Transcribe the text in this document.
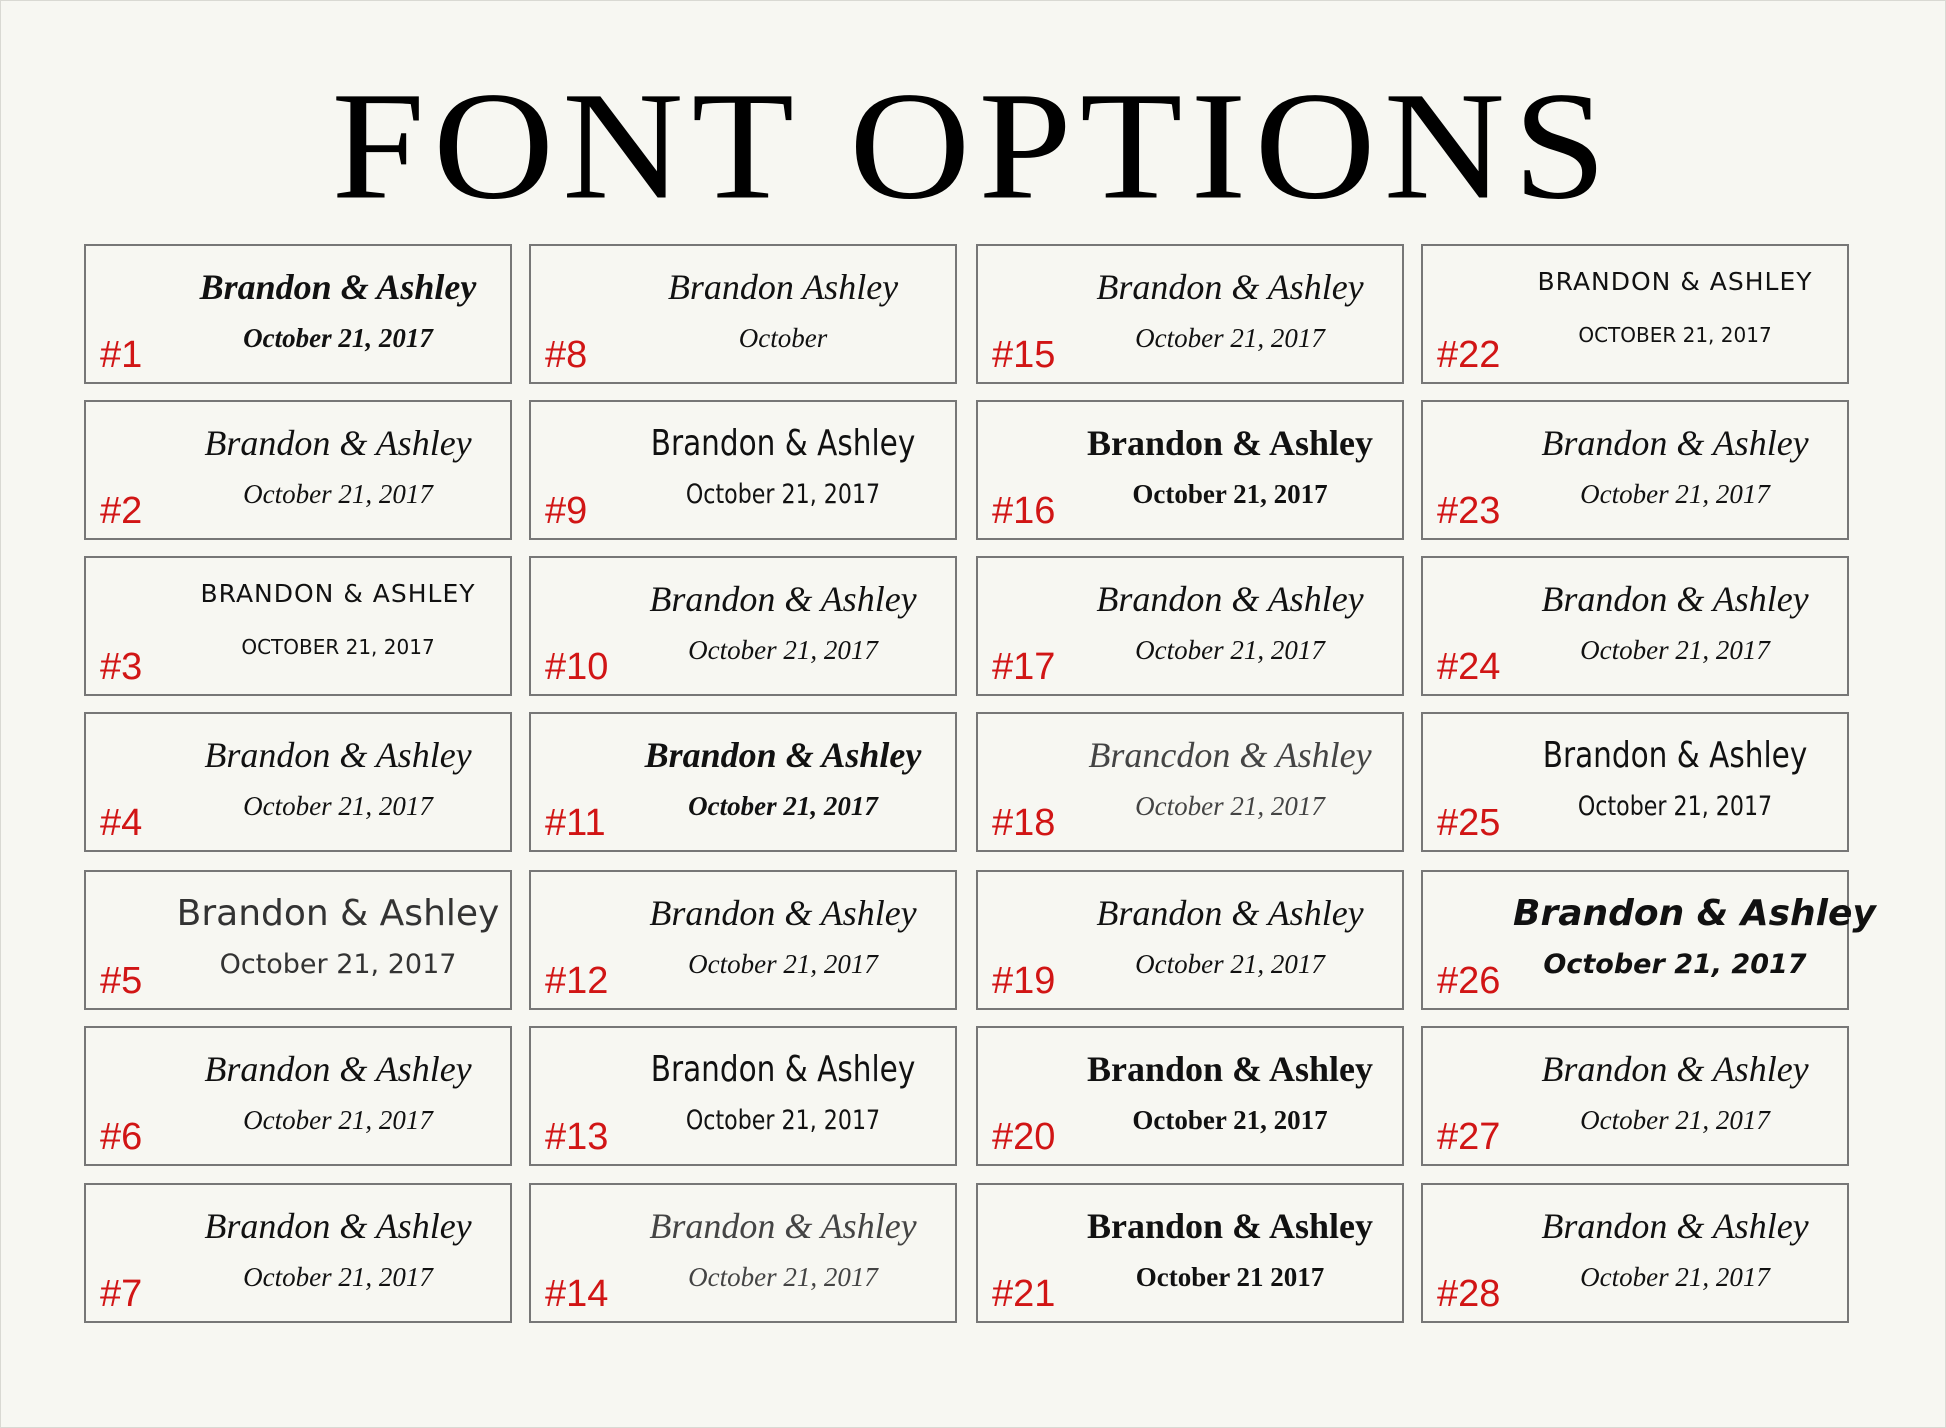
FONT OPTIONS
Brandon & Ashley
October 21, 2017
#1
Brandon & Ashley
October 21, 2017
#2
BRANDON & ASHLEY
OCTOBER 21, 2017
#3
Brandon & Ashley
October 21, 2017
#4
Brandon & Ashley
October 21, 2017
#5
Brandon & Ashley
October 21, 2017
#6
Brandon & Ashley
October 21, 2017
#7
Brandon Ashley
October
#8
Brandon & Ashley
October 21, 2017
#9
Brandon & Ashley
October 21, 2017
#10
Brandon & Ashley
October 21, 2017
#11
Brandon & Ashley
October 21, 2017
#12
Brandon & Ashley
October 21, 2017
#13
Brandon & Ashley
October 21, 2017
#14
Brandon & Ashley
October 21, 2017
#15
Brandon & Ashley
October 21, 2017
#16
Brandon & Ashley
October 21, 2017
#17
Brancdon & Ashley
October 21, 2017
#18
Brandon & Ashley
October 21, 2017
#19
Brandon & Ashley
October 21, 2017
#20
Brandon & Ashley
October 21 2017
#21
BRANDON & ASHLEY
OCTOBER 21, 2017
#22
Brandon & Ashley
October 21, 2017
#23
Brandon & Ashley
October 21, 2017
#24
Brandon & Ashley
October 21, 2017
#25
Brandon & Ashley
October 21, 2017
#26
Brandon & Ashley
October 21, 2017
#27
Brandon & Ashley
October 21, 2017
#28
